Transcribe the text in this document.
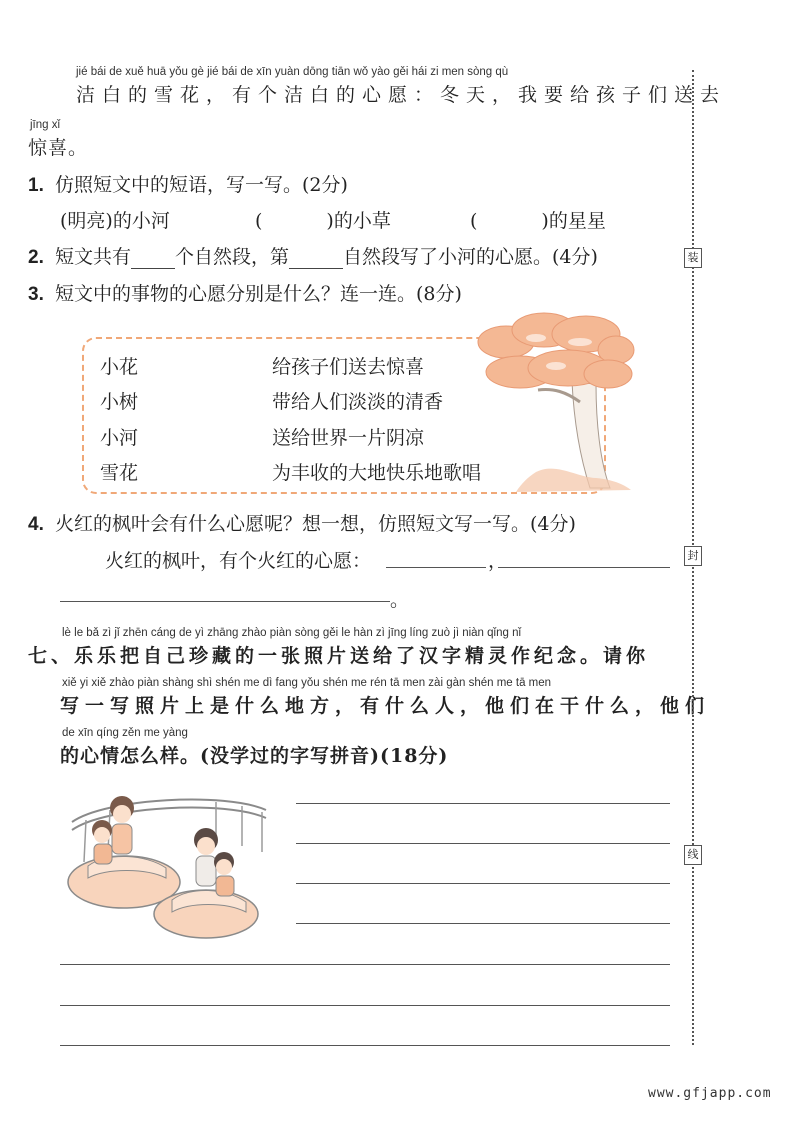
jié bái de xuě huā yǒu gè jié bái de xīn yuàn dōng tiān wǒ yào gěi hái zi men sòng qù
洁白的雪花，有个洁白的心愿：冬天，我要给孩子们送去
jīng xǐ
惊喜。
1. 仿照短文中的短语，写一写。(2分)
(明亮)的小河	(	)的小草	(	)的星星
2. 短文共有 个自然段，第	自然段写了小河的心愿。(4分)
3. 短文中的事物的心愿分别是什么？连一连。(8分)
小花
小树
小河
雪花
给孩子们送去惊喜
带给人们淡淡的清香
送给世界一片阴凉
为丰收的大地快乐地歌唱
4. 火红的枫叶会有什么心愿呢？想一想，仿照短文写一写。(4分)
火红的枫叶，有个火红的心愿：	，
。
lè le bǎ zì jǐ zhēn cáng de yì zhāng zhào piàn sòng gěi le hàn zì jīng líng zuò jì niàn qǐng nǐ
七、乐乐把自己珍藏的一张照片送给了汉字精灵作纪念。请你
xiě yi xiě zhào piàn shàng shì shén me dì fang yǒu shén me rén tā men zài gàn shén me tā men
写一写照片上是什么地方，有什么人，他们在干什么，他们
de xīn qíng zěn me yàng
的心情怎么样。(没学过的字写拼音)(18分)
装
封
线
www.gfjapp.com
